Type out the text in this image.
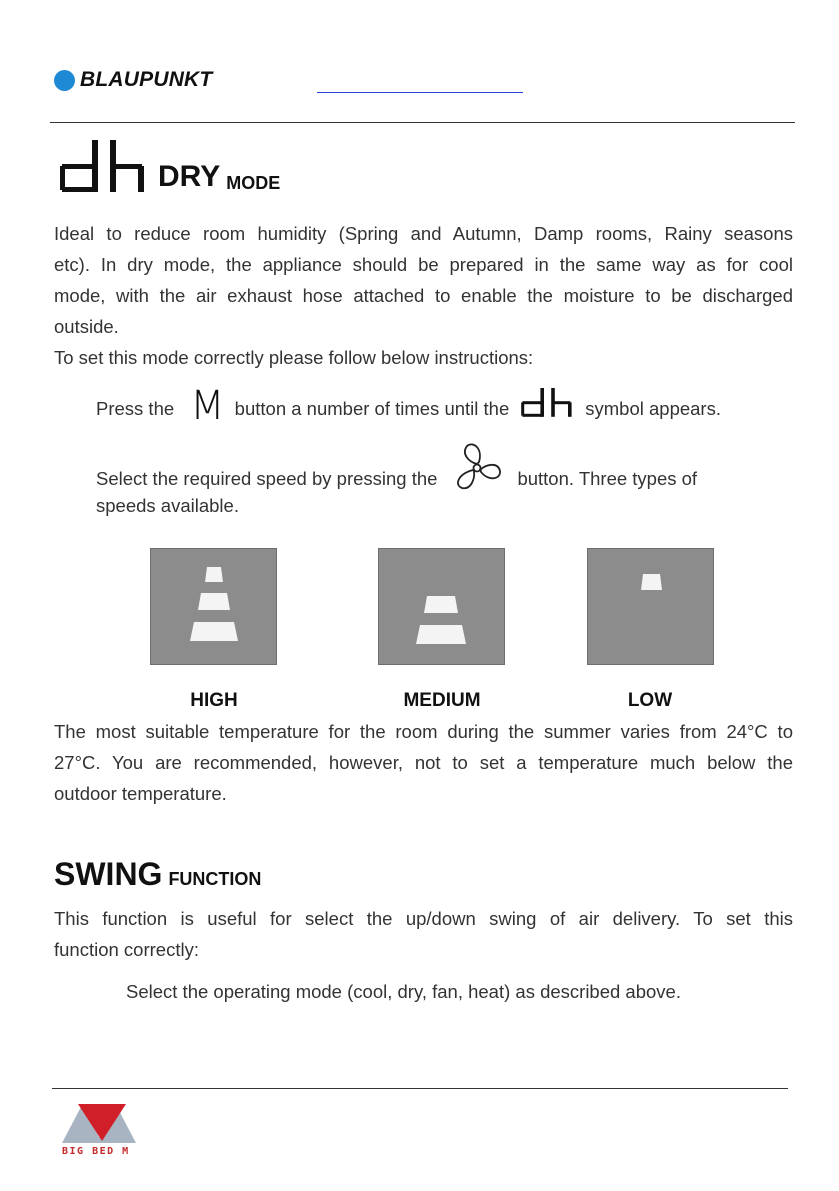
BLAUPUNKT
DRY MODE
Ideal to reduce room humidity (Spring and Autumn, Damp rooms, Rainy seasons
etc). In dry mode, the appliance should be prepared in the same way as for cool
mode, with the air exhaust hose attached to enable the moisture to be discharged
outside.
To set this mode correctly please follow below instructions:
Press the M button a number of times until the	symbol appears.
Select the required speed by pressing the	button. Three types of
speeds available.
HIGH	MEDIUM	LOW
The most suitable temperature for the room during the summer varies from 24°C to
27°C. You are recommended, however, not to set a temperature much below the
outdoor temperature.
SWING FUNCTION
This function is useful for select the up/down swing of air delivery. To set this
function correctly:
Select the operating mode (cool, dry, fan, heat) as described above.
BIG BED M
